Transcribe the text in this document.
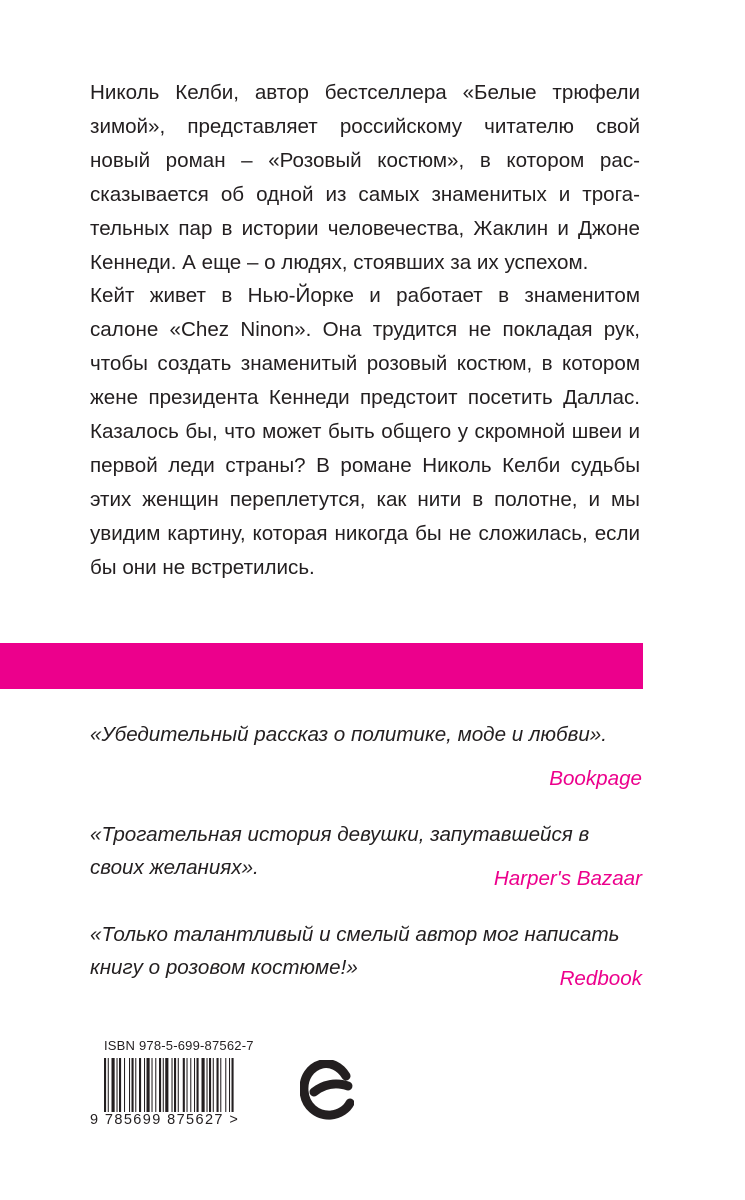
Николь Келби, автор бестселлера «Белые трюфели зимой», представляет российскому читателю свой новый роман – «Розовый костюм», в котором рассказывается об одной из самых знаменитых и трогательных пар в истории человечества, Жаклин и Джоне Кеннеди. А еще – о людях, стоявших за их успехом.

Кейт живет в Нью-Йорке и работает в знаменитом салоне «Chez Ninon». Она трудится не покладая рук, чтобы создать знаменитый розовый костюм, в котором жене президента Кеннеди предстоит посетить Даллас. Казалось бы, что может быть общего у скромной швеи и первой леди страны? В романе Николь Келби судьбы этих женщин переплетутся, как нити в полотне, и мы увидим картину, которая никогда бы не сложилась, если бы они не встретились.

«Убедительный рассказ о политике, моде и любви».

Bookpage

«Трогательная история девушки, запутавшейся в своих желаниях».	Harper's Bazaar

«Только талантливый и смелый автор мог написать книгу о розовом костюме!»	Redbook
ISBN 978-5-699-87562-7
9 785699 875627 >
